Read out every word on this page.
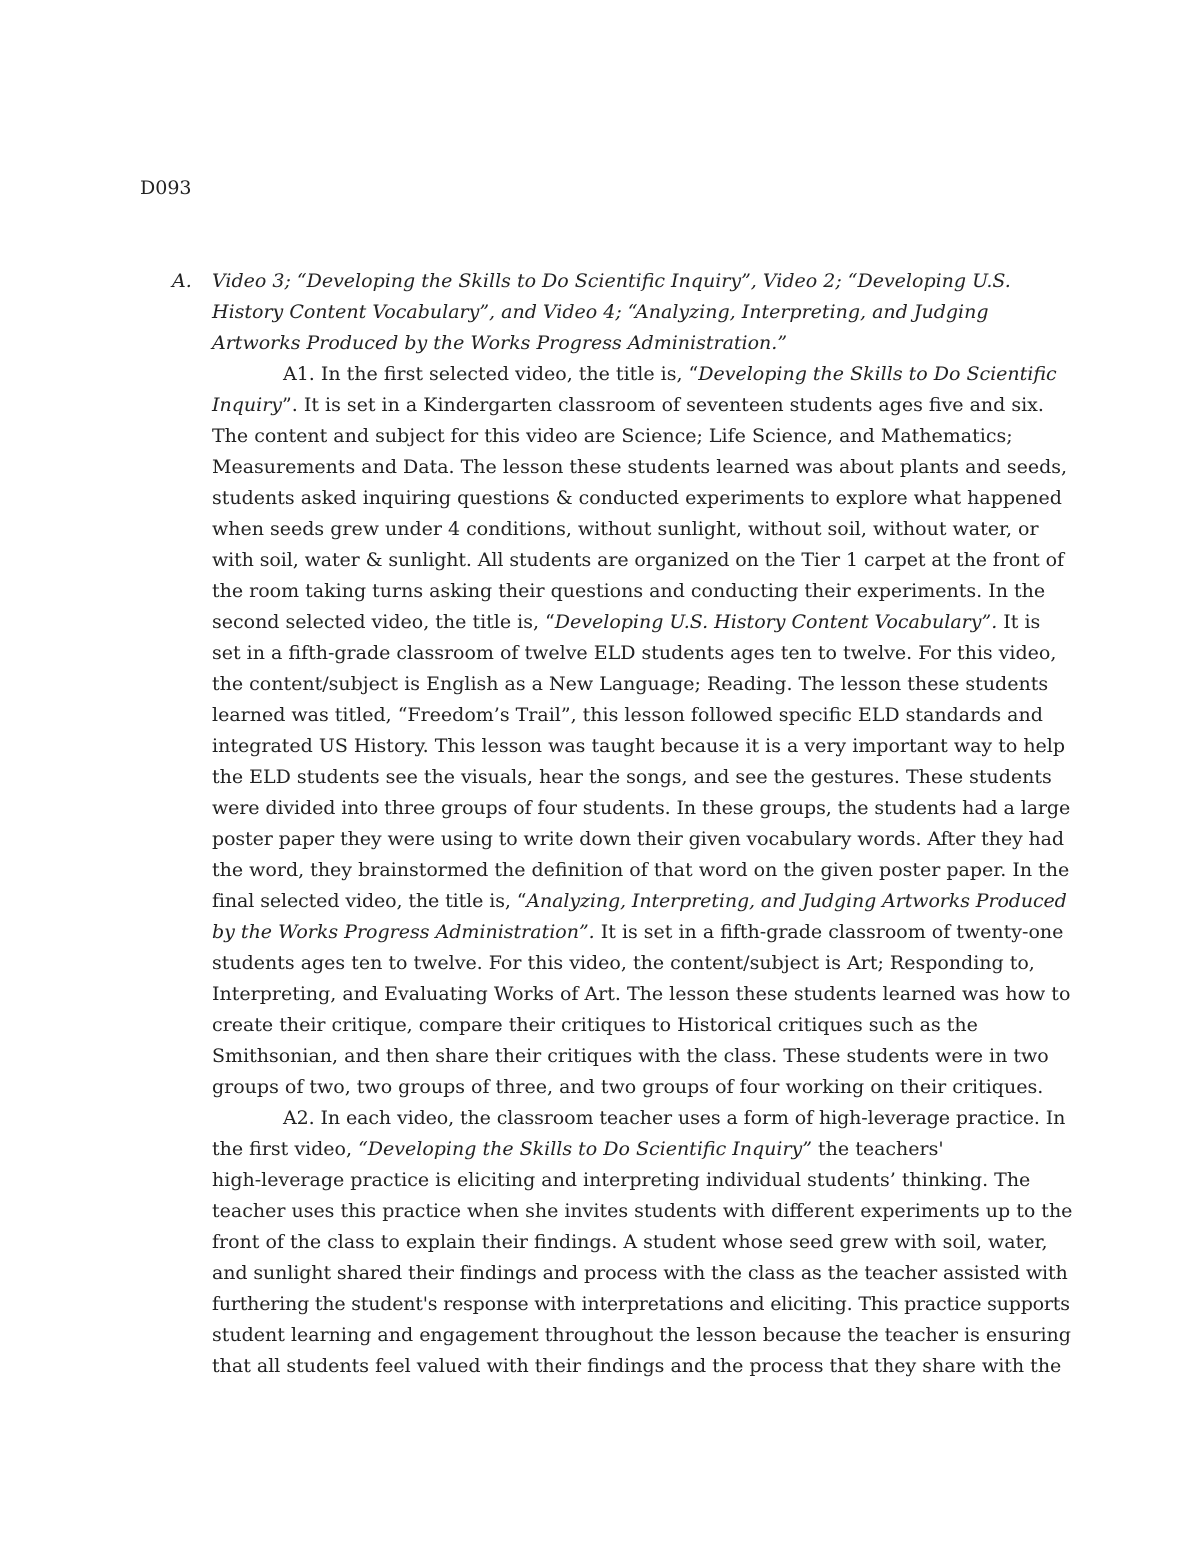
D093
A. Video 3; “Developing the Skills to Do Scientific Inquiry”, Video 2; “Developing U.S.
History Content Vocabulary”, and Video 4; “Analyzing, Interpreting, and Judging
Artworks Produced by the Works Progress Administration.”
A1. In the first selected video, the title is, “Developing the Skills to Do Scientific
Inquiry”. It is set in a Kindergarten classroom of seventeen students ages five and six.
The content and subject for this video are Science; Life Science, and Mathematics;
Measurements and Data. The lesson these students learned was about plants and seeds,
students asked inquiring questions & conducted experiments to explore what happened
when seeds grew under 4 conditions, without sunlight, without soil, without water, or
with soil, water & sunlight. All students are organized on the Tier 1 carpet at the front of
the room taking turns asking their questions and conducting their experiments. In the
second selected video, the title is, “Developing U.S. History Content Vocabulary”. It is
set in a fifth-grade classroom of twelve ELD students ages ten to twelve. For this video,
the content/subject is English as a New Language; Reading. The lesson these students
learned was titled, “Freedom’s Trail”, this lesson followed specific ELD standards and
integrated US History. This lesson was taught because it is a very important way to help
the ELD students see the visuals, hear the songs, and see the gestures. These students
were divided into three groups of four students. In these groups, the students had a large
poster paper they were using to write down their given vocabulary words. After they had
the word, they brainstormed the definition of that word on the given poster paper. In the
final selected video, the title is, “Analyzing, Interpreting, and Judging Artworks Produced
by the Works Progress Administration”. It is set in a fifth-grade classroom of twenty-one
students ages ten to twelve. For this video, the content/subject is Art; Responding to,
Interpreting, and Evaluating Works of Art. The lesson these students learned was how to
create their critique, compare their critiques to Historical critiques such as the
Smithsonian, and then share their critiques with the class. These students were in two
groups of two, two groups of three, and two groups of four working on their critiques.
A2. In each video, the classroom teacher uses a form of high-leverage practice. In
the first video, “Developing the Skills to Do Scientific Inquiry” the teachers'
high-leverage practice is eliciting and interpreting individual students’ thinking. The
teacher uses this practice when she invites students with different experiments up to the
front of the class to explain their findings. A student whose seed grew with soil, water,
and sunlight shared their findings and process with the class as the teacher assisted with
furthering the student's response with interpretations and eliciting. This practice supports
student learning and engagement throughout the lesson because the teacher is ensuring
that all students feel valued with their findings and the process that they share with the
